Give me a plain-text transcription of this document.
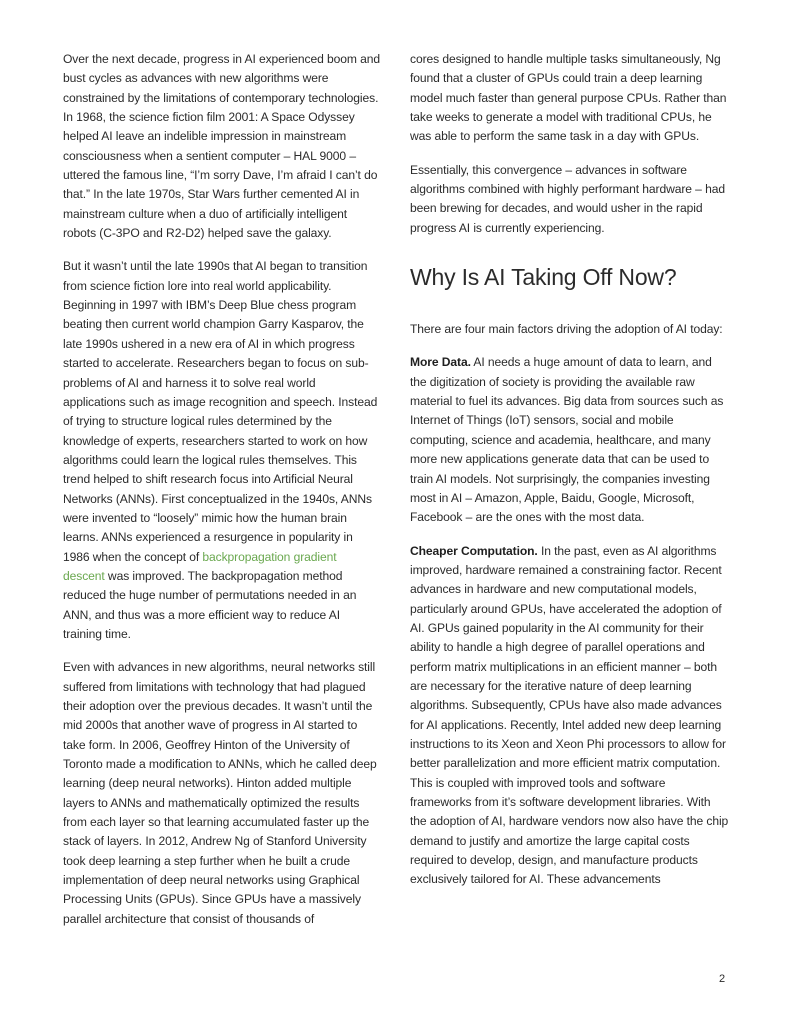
Over the next decade, progress in AI experienced boom and bust cycles as advances with new algorithms were constrained by the limitations of contemporary technologies. In 1968, the science fiction film 2001: A Space Odyssey helped AI leave an indelible impression in mainstream consciousness when a sentient computer – HAL 9000 – uttered the famous line, “I’m sorry Dave, I’m afraid I can’t do that.” In the late 1970s, Star Wars further cemented AI in mainstream culture when a duo of artificially intelligent robots (C-3PO and R2-D2) helped save the galaxy.

But it wasn’t until the late 1990s that AI began to transition from science fiction lore into real world applicability. Beginning in 1997 with IBM’s Deep Blue chess program beating then current world champion Garry Kasparov, the late 1990s ushered in a new era of AI in which progress started to accelerate. Researchers began to focus on sub-problems of AI and harness it to solve real world applications such as image recognition and speech. Instead of trying to structure logical rules determined by the knowledge of experts, researchers started to work on how algorithms could learn the logical rules themselves. This trend helped to shift research focus into Artificial Neural Networks (ANNs). First conceptualized in the 1940s, ANNs were invented to “loosely” mimic how the human brain learns. ANNs experienced a resurgence in popularity in 1986 when the concept of backpropagation gradient descent was improved. The backpropagation method reduced the huge number of permutations needed in an ANN, and thus was a more efficient way to reduce AI training time.

Even with advances in new algorithms, neural networks still suffered from limitations with technology that had plagued their adoption over the previous decades. It wasn’t until the mid 2000s that another wave of progress in AI started to take form. In 2006, Geoffrey Hinton of the University of Toronto made a modification to ANNs, which he called deep learning (deep neural networks). Hinton added multiple layers to ANNs and mathematically optimized the results from each layer so that learning accumulated faster up the stack of layers. In 2012, Andrew Ng of Stanford University took deep learning a step further when he built a crude implementation of deep neural networks using Graphical Processing Units (GPUs). Since GPUs have a massively parallel architecture that consist of thousands of

cores designed to handle multiple tasks simultaneously, Ng found that a cluster of GPUs could train a deep learning model much faster than general purpose CPUs. Rather than take weeks to generate a model with traditional CPUs, he was able to perform the same task in a day with GPUs.

Essentially, this convergence – advances in software algorithms combined with highly performant hardware – had been brewing for decades, and would usher in the rapid progress AI is currently experiencing.

Why Is AI Taking Off Now?

There are four main factors driving the adoption of AI today:

More Data. AI needs a huge amount of data to learn, and the digitization of society is providing the available raw material to fuel its advances. Big data from sources such as Internet of Things (IoT) sensors, social and mobile computing, science and academia, healthcare, and many more new applications generate data that can be used to train AI models. Not surprisingly, the companies investing most in AI – Amazon, Apple, Baidu, Google, Microsoft, Facebook – are the ones with the most data.

Cheaper Computation. In the past, even as AI algorithms improved, hardware remained a constraining factor. Recent advances in hardware and new computational models, particularly around GPUs, have accelerated the adoption of AI. GPUs gained popularity in the AI community for their ability to handle a high degree of parallel operations and perform matrix multiplications in an efficient manner – both are necessary for the iterative nature of deep learning algorithms. Subsequently, CPUs have also made advances for AI applications. Recently, Intel added new deep learning instructions to its Xeon and Xeon Phi processors to allow for better parallelization and more efficient matrix computation. This is coupled with improved tools and software frameworks from it’s software development libraries. With the adoption of AI, hardware vendors now also have the chip demand to justify and amortize the large capital costs required to develop, design, and manufacture products exclusively tailored for AI. These advancements

2
